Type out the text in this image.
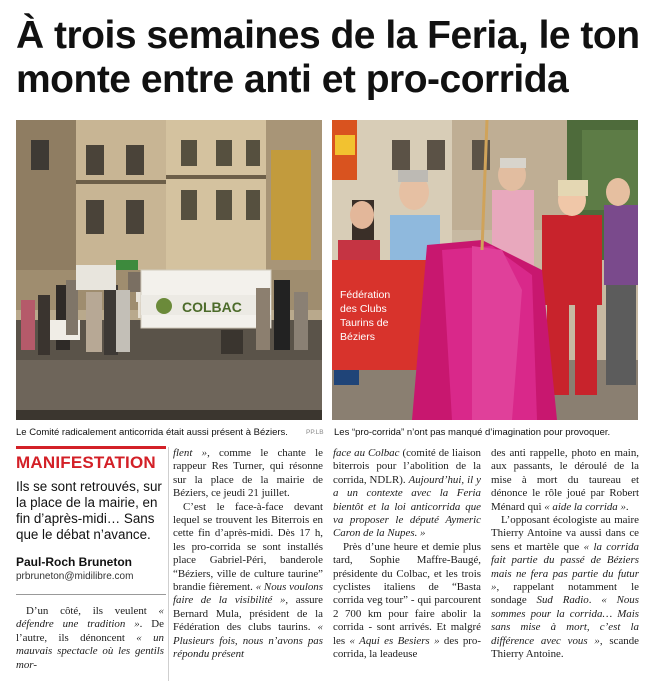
À trois semaines de la Feria, le ton monte entre anti et pro-corrida
COLBAC
Fédération des Clubs Taurins de Béziers
Le Comité radicalement anticorrida était aussi présent à Béziers.	PP.LB Les “pro-corrida” n’ont pas manqué d’imagination pour provoquer.
MANIFESTATION
Ils se sont retrouvés, sur la place de la mairie, en fin d’après-midi… Sans que le débat n’avance.
Paul-Roch Bruneton
prbruneton@midilibre.com

D’un côté, ils veulent « défendre une tradition ». De l’autre, ils dénoncent « un mauvais spectacle où les gentils mor-

flent », comme le chante le rappeur Res Turner, qui résonne sur la place de la mairie de Béziers, ce jeudi 21 juillet.

C’est le face-à-face devant lequel se trouvent les Biterrois en cette fin d’après-midi. Dès 17 h, les pro-corrida se sont installés place Gabriel-Péri, banderole “Béziers, ville de culture taurine” brandie fièrement. « Nous voulons faire de la visibilité », assure Bernard Mula, président de la Fédération des clubs taurins. « Plusieurs fois, nous n’avons pas répondu présent

face au Colbac (comité de liaison biterrois pour l’abolition de la corrida, NDLR). Aujourd’hui, il y a un contexte avec la Feria bientôt et la loi anticorrida que va proposer le député Aymeric Caron de la Nupes. »

Près d’une heure et demie plus tard, Sophie Maffre-Baugé, présidente du Colbac, et les trois cyclistes italiens de “Basta corrida veg tour” - qui parcourent 2 700 km pour faire abolir la corrida - sont arrivés. Et malgré les « Aqui es Besiers » des pro-corrida, la leadeuse

des anti rappelle, photo en main, aux passants, le déroulé de la mise à mort du taureau et dénonce le rôle joué par Robert Ménard qui « aide la corrida ».

L’opposant écologiste au maire Thierry Antoine va aussi dans ce sens et martèle que « la corrida fait partie du passé de Béziers mais ne fera pas partie du futur », rappelant notamment le sondage Sud Radio. « Nous sommes pour la corrida… Mais sans mise à mort, c’est la différence avec vous », scande Thierry Antoine.
